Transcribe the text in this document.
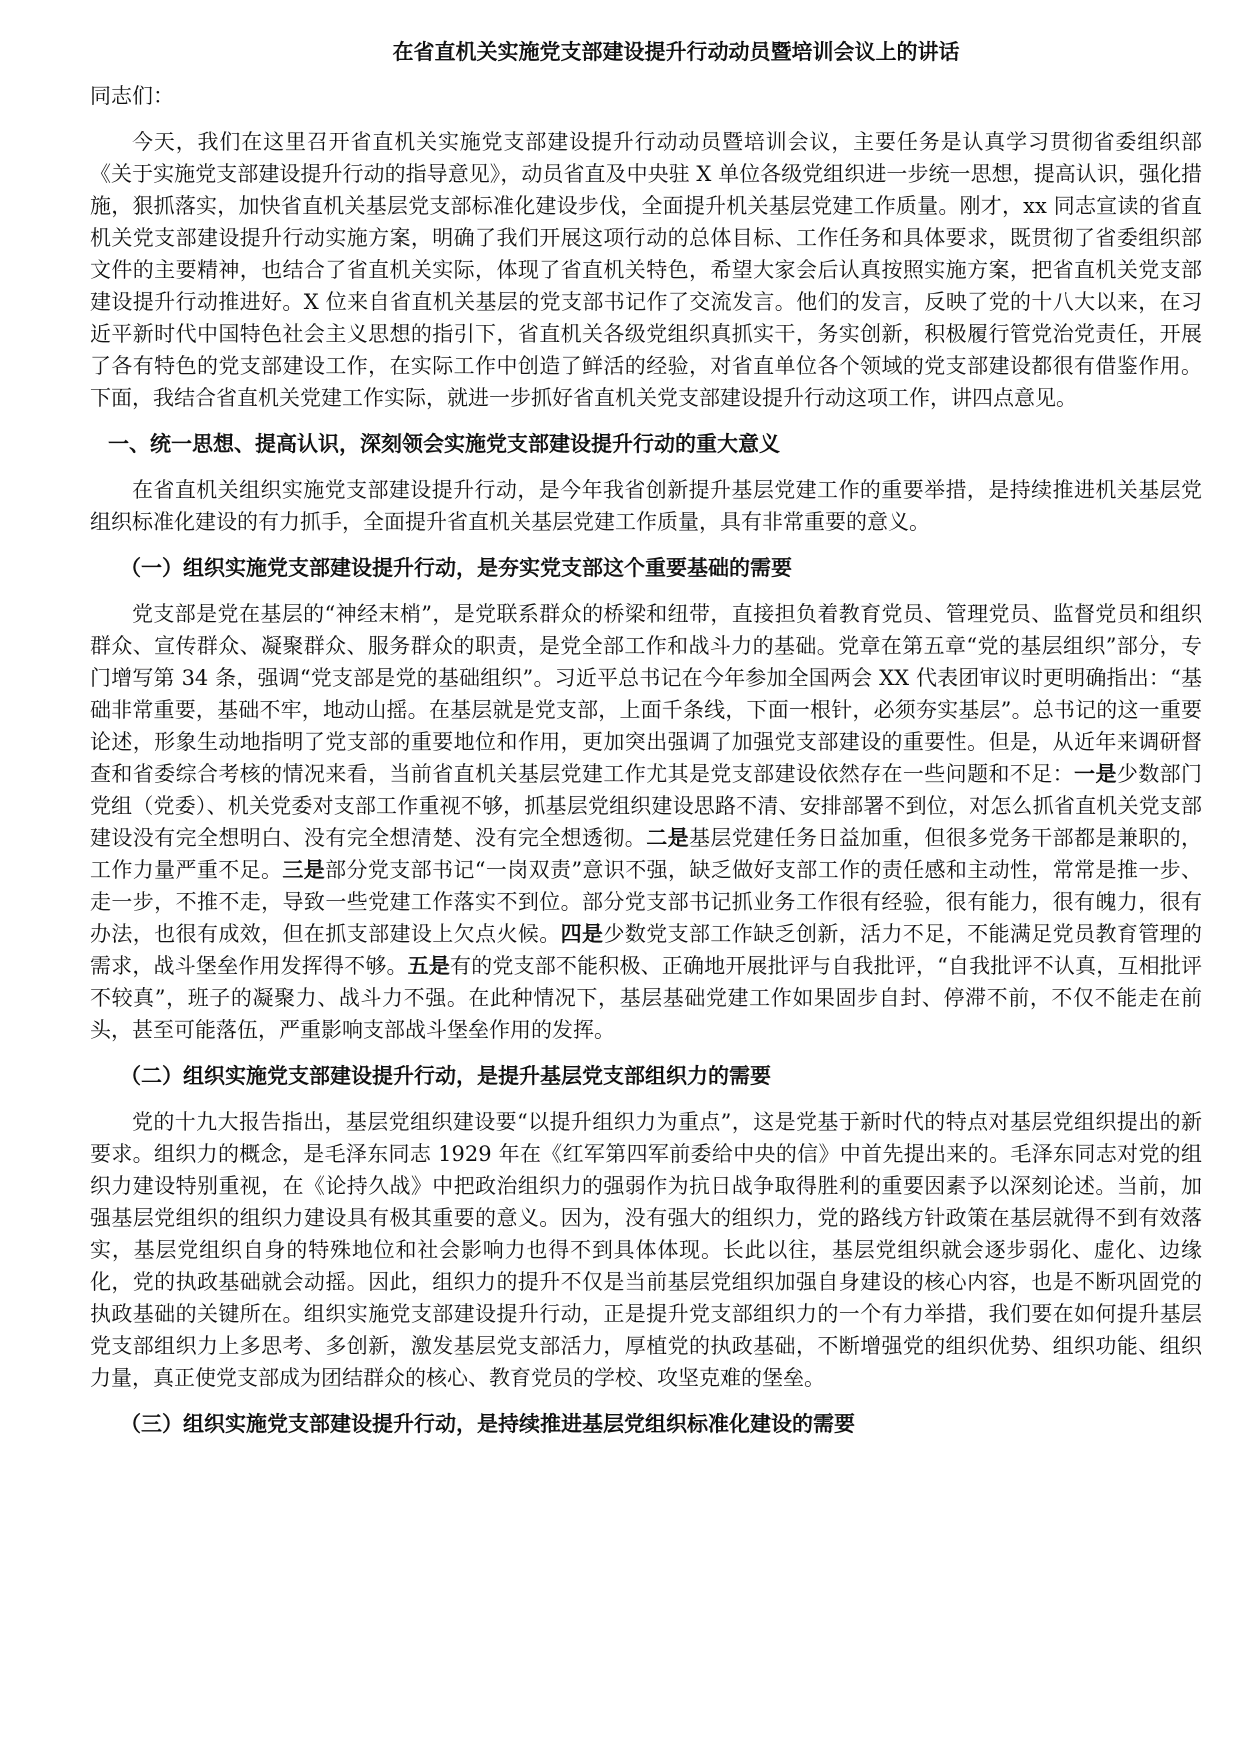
在省直机关实施党支部建设提升行动动员暨培训会议上的讲话
同志们：

今天，我们在这里召开省直机关实施党支部建设提升行动动员暨培训会议，主要任务是认真学习贯彻省委组织部《关于实施党支部建设提升行动的指导意见》，动员省直及中央驻 X 单位各级党组织进一步统一思想，提高认识，强化措施，狠抓落实，加快省直机关基层党支部标准化建设步伐，全面提升机关基层党建工作质量。刚才，xx 同志宣读的省直机关党支部建设提升行动实施方案，明确了我们开展这项行动的总体目标、工作任务和具体要求，既贯彻了省委组织部文件的主要精神，也结合了省直机关实际，体现了省直机关特色，希望大家会后认真按照实施方案，把省直机关党支部建设提升行动推进好。X 位来自省直机关基层的党支部书记作了交流发言。他们的发言，反映了党的十八大以来，在习近平新时代中国特色社会主义思想的指引下，省直机关各级党组织真抓实干，务实创新，积极履行管党治党责任，开展了各有特色的党支部建设工作，在实际工作中创造了鲜活的经验，对省直单位各个领域的党支部建设都很有借鉴作用。下面，我结合省直机关党建工作实际，就进一步抓好省直机关党支部建设提升行动这项工作，讲四点意见。

一、统一思想、提高认识，深刻领会实施党支部建设提升行动的重大意义

在省直机关组织实施党支部建设提升行动，是今年我省创新提升基层党建工作的重要举措，是持续推进机关基层党组织标准化建设的有力抓手，全面提升省直机关基层党建工作质量，具有非常重要的意义。

（一）组织实施党支部建设提升行动，是夯实党支部这个重要基础的需要

党支部是党在基层的“神经末梢”，是党联系群众的桥梁和纽带，直接担负着教育党员、管理党员、监督党员和组织群众、宣传群众、凝聚群众、服务群众的职责，是党全部工作和战斗力的基础。党章在第五章“党的基层组织”部分，专门增写第 34 条，强调“党支部是党的基础组织”。习近平总书记在今年参加全国两会 XX 代表团审议时更明确指出：“基础非常重要，基础不牢，地动山摇。在基层就是党支部，上面千条线，下面一根针，必须夯实基层”。总书记的这一重要论述，形象生动地指明了党支部的重要地位和作用，更加突出强调了加强党支部建设的重要性。但是，从近年来调研督查和省委综合考核的情况来看，当前省直机关基层党建工作尤其是党支部建设依然存在一些问题和不足：一是少数部门党组（党委）、机关党委对支部工作重视不够，抓基层党组织建设思路不清、安排部署不到位，对怎么抓省直机关党支部建设没有完全想明白、没有完全想清楚、没有完全想透彻。二是基层党建任务日益加重，但很多党务干部都是兼职的，工作力量严重不足。三是部分党支部书记“一岗双责”意识不强，缺乏做好支部工作的责任感和主动性，常常是推一步、走一步，不推不走，导致一些党建工作落实不到位。部分党支部书记抓业务工作很有经验，很有能力，很有魄力，很有办法，也很有成效，但在抓支部建设上欠点火候。四是少数党支部工作缺乏创新，活力不足，不能满足党员教育管理的需求，战斗堡垒作用发挥得不够。五是有的党支部不能积极、正确地开展批评与自我批评，“自我批评不认真，互相批评不较真”，班子的凝聚力、战斗力不强。在此种情况下，基层基础党建工作如果固步自封、停滞不前，不仅不能走在前头，甚至可能落伍，严重影响支部战斗堡垒作用的发挥。

（二）组织实施党支部建设提升行动，是提升基层党支部组织力的需要

党的十九大报告指出，基层党组织建设要“以提升组织力为重点”，这是党基于新时代的特点对基层党组织提出的新要求。组织力的概念，是毛泽东同志 1929 年在《红军第四军前委给中央的信》中首先提出来的。毛泽东同志对党的组织力建设特别重视，在《论持久战》中把政治组织力的强弱作为抗日战争取得胜利的重要因素予以深刻论述。当前，加强基层党组织的组织力建设具有极其重要的意义。因为，没有强大的组织力，党的路线方针政策在基层就得不到有效落实，基层党组织自身的特殊地位和社会影响力也得不到具体体现。长此以往，基层党组织就会逐步弱化、虚化、边缘化，党的执政基础就会动摇。因此，组织力的提升不仅是当前基层党组织加强自身建设的核心内容，也是不断巩固党的执政基础的关键所在。组织实施党支部建设提升行动，正是提升党支部组织力的一个有力举措，我们要在如何提升基层党支部组织力上多思考、多创新，激发基层党支部活力，厚植党的执政基础，不断增强党的组织优势、组织功能、组织力量，真正使党支部成为团结群众的核心、教育党员的学校、攻坚克难的堡垒。

（三）组织实施党支部建设提升行动，是持续推进基层党组织标准化建设的需要
